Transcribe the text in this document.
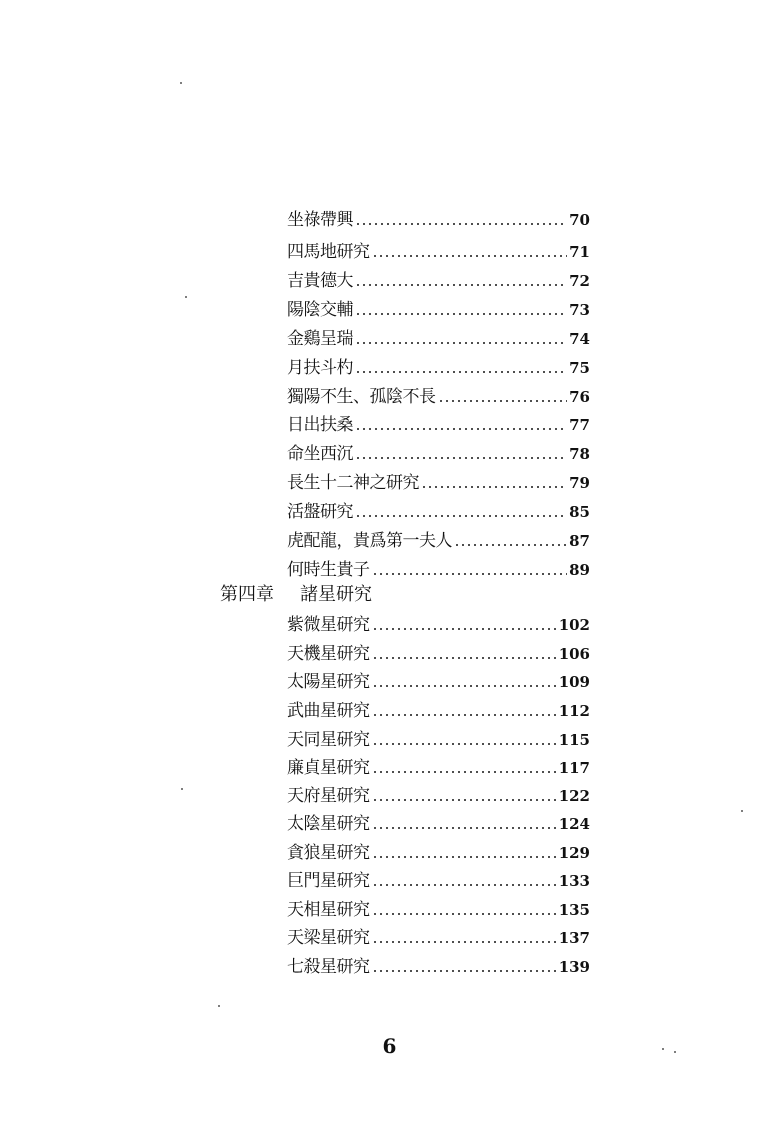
坐祿帶興	70
四馬地研究	71
吉貴德大	72
陽陰交輔	73
金鷄呈瑞	74
月扶斗杓	75
獨陽不生、孤陰不長	76
日出扶桑	77
命坐西沉	78
長生十二神之研究	79
活盤研究	85
虎配龍，貴爲第一夫人	87
何時生貴子	89
第四章 諸星研究
紫微星研究	102
天機星研究	106
太陽星研究	109
武曲星研究	112
天同星研究	115
廉貞星研究	117
天府星研究	122
太陰星研究	124
貪狼星研究	129
巨門星研究	133
天相星研究	135
天梁星研究	137
七殺星研究	139
6
